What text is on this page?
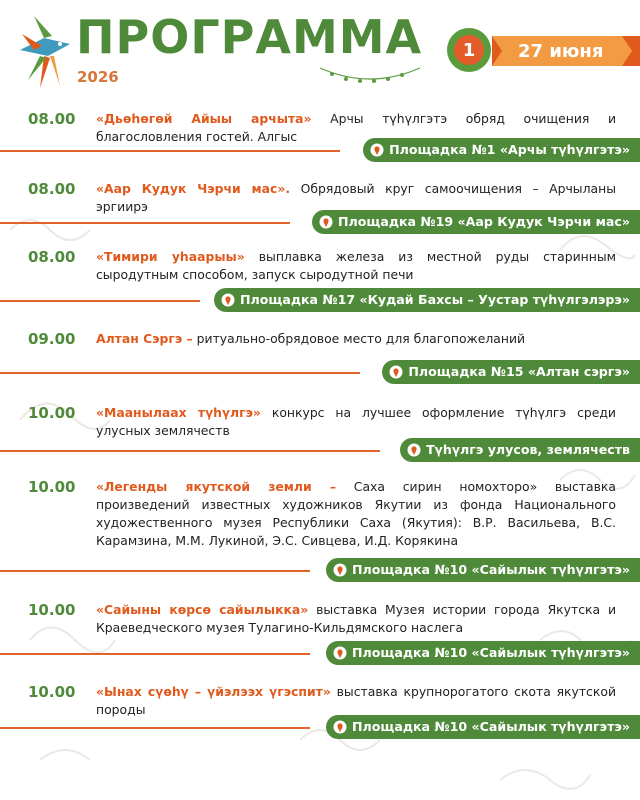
ПРОГРАММА
2026
1	27 июня
08.00 «Дьөһөгөй Айыы арчыта» Арчы түһүлгэтэ обряд очищения и благословления гостей. Алгыс
Площадка №1 «Арчы түһүлгэтэ»
08.00 «Аар Кудук Чэрчи мас». Обрядовый круг самоочищения – Арчыланы эргиирэ
Площадка №19 «Аар Кудук Чэрчи мас»
08.00 «Тимири уһаарыы» выплавка железа из местной руды старинным сыродутным способом, запуск сыродутной печи
Площадка №17 «Кудай Бахсы – Уустар түһүлгэлэрэ»
09.00 Алтан Сэргэ – ритуально-обрядовое место для благопожеланий
Площадка №15 «Алтан сэргэ»
10.00 «Маанылаах түһүлгэ» конкурс на лучшее оформление түһүлгэ среди улусных землячеств
Түһүлгэ улусов, землячеств
10.00 «Легенды якутской земли – Саха сирин номохторо» выставка произведений известных художников Якутии из фонда Национального художественного музея Республики Саха (Якутия): В.Р. Васильева, В.С. Карамзина, М.М. Лукиной, Э.С. Сивцева, И.Д. Корякина
Площадка №10 «Сайылык түһүлгэтэ»
10.00 «Сайыны көрсө сайылыкка» выставка Музея истории города Якутска и Краеведческого музея Тулагино-Кильдямского наслега
Площадка №10 «Сайылык түһүлгэтэ»
10.00 «Ынах сүөһү – үйэлээх үгэспит» выставка крупнорогатого скота якутской породы
Площадка №10 «Сайылык түһүлгэтэ»
